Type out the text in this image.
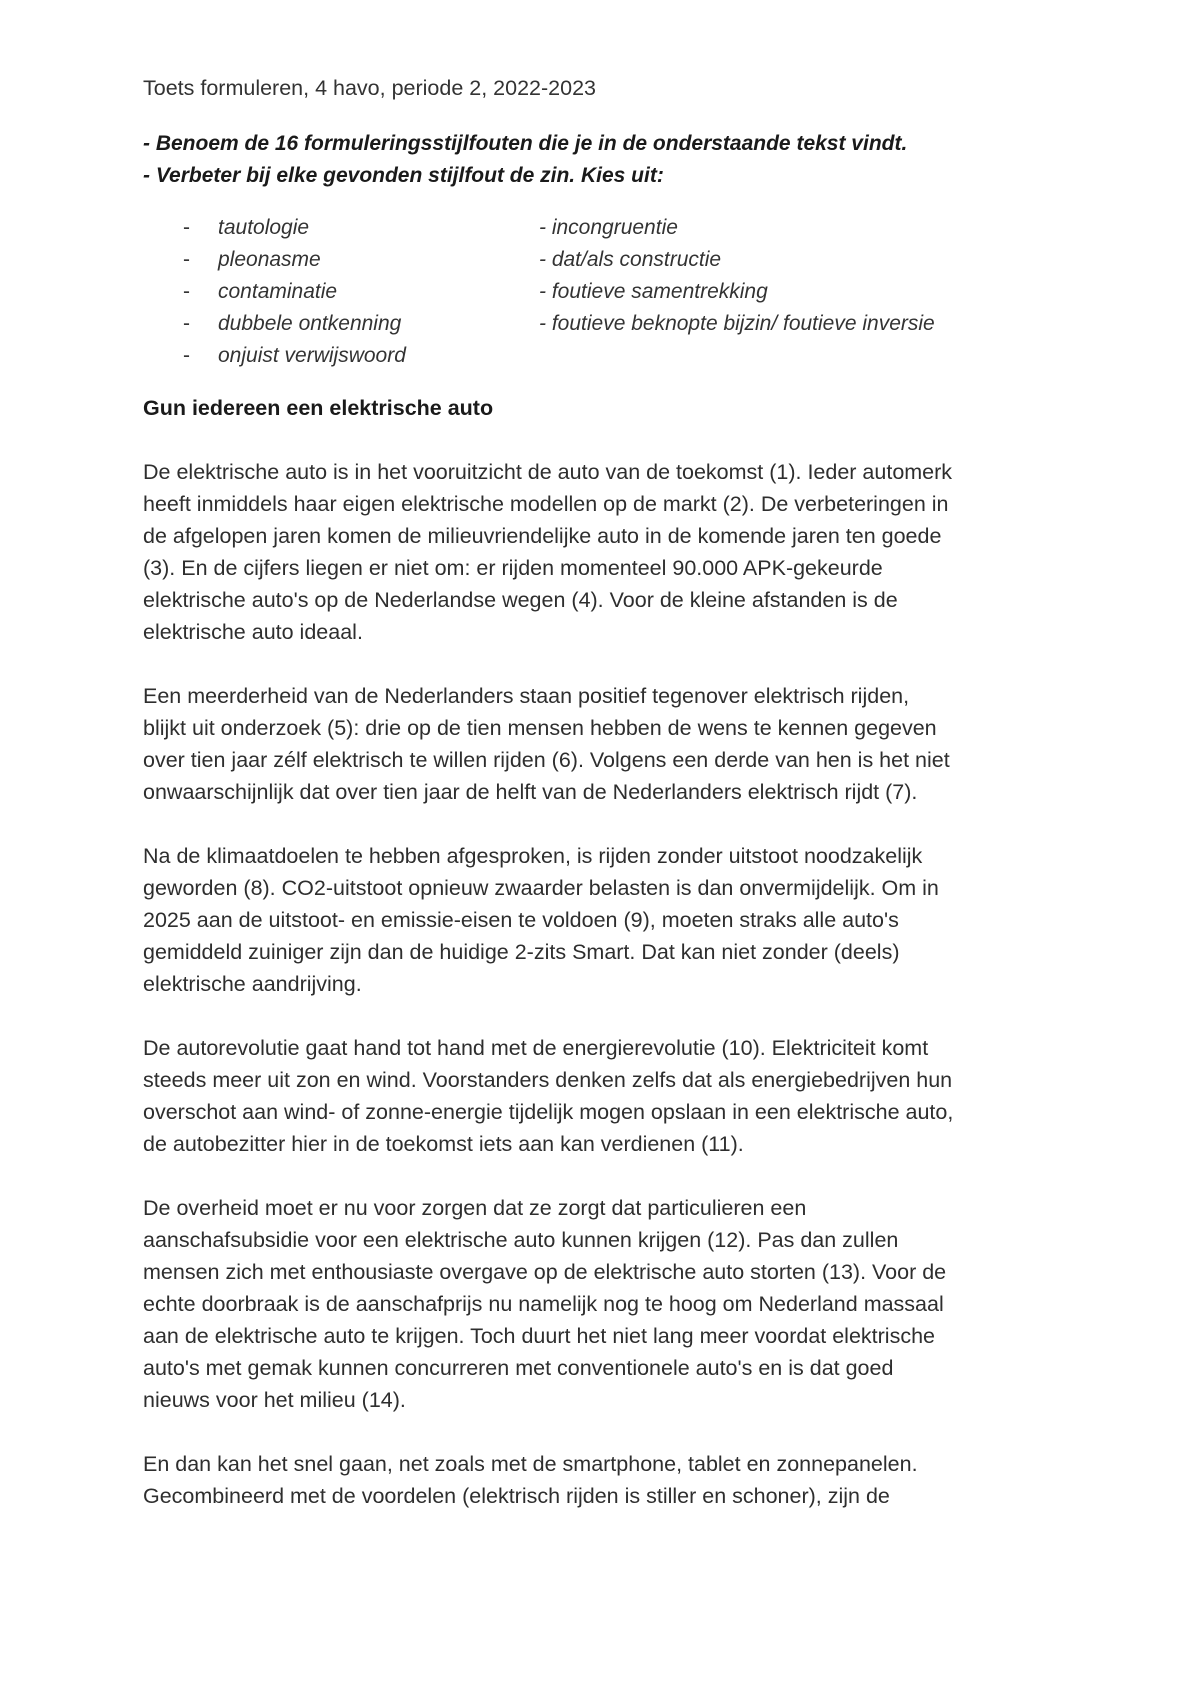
Toets formuleren, 4 havo, periode 2, 2022-2023
- Benoem de 16 formuleringsstijlfouten die je in de onderstaande tekst vindt.
- Verbeter bij elke gevonden stijlfout de zin. Kies uit:
-	tautologie
-	pleonasme
-	contaminatie
-	dubbele ontkenning
-	onjuist verwijswoord
- incongruentie
- dat/als constructie
- foutieve samentrekking
- foutieve beknopte bijzin/ foutieve inversie
Gun iedereen een elektrische auto
De elektrische auto is in het vooruitzicht de auto van de toekomst (1). Ieder automerk
heeft inmiddels haar eigen elektrische modellen op de markt (2). De verbeteringen in
de afgelopen jaren komen de milieuvriendelijke auto in de komende jaren ten goede
(3). En de cijfers liegen er niet om: er rijden momenteel 90.000 APK-gekeurde
elektrische auto's op de Nederlandse wegen (4). Voor de kleine afstanden is de
elektrische auto ideaal.
Een meerderheid van de Nederlanders staan positief tegenover elektrisch rijden,
blijkt uit onderzoek (5): drie op de tien mensen hebben de wens te kennen gegeven
over tien jaar zélf elektrisch te willen rijden (6). Volgens een derde van hen is het niet
onwaarschijnlijk dat over tien jaar de helft van de Nederlanders elektrisch rijdt (7).
Na de klimaatdoelen te hebben afgesproken, is rijden zonder uitstoot noodzakelijk
geworden (8). CO2-uitstoot opnieuw zwaarder belasten is dan onvermijdelijk. Om in
2025 aan de uitstoot- en emissie-eisen te voldoen (9), moeten straks alle auto's
gemiddeld zuiniger zijn dan de huidige 2-zits Smart. Dat kan niet zonder (deels)
elektrische aandrijving.
De autorevolutie gaat hand tot hand met de energierevolutie (10). Elektriciteit komt
steeds meer uit zon en wind. Voorstanders denken zelfs dat als energiebedrijven hun
overschot aan wind- of zonne-energie tijdelijk mogen opslaan in een elektrische auto,
de autobezitter hier in de toekomst iets aan kan verdienen (11).
De overheid moet er nu voor zorgen dat ze zorgt dat particulieren een
aanschafsubsidie voor een elektrische auto kunnen krijgen (12). Pas dan zullen
mensen zich met enthousiaste overgave op de elektrische auto storten (13). Voor de
echte doorbraak is de aanschafprijs nu namelijk nog te hoog om Nederland massaal
aan de elektrische auto te krijgen. Toch duurt het niet lang meer voordat elektrische
auto's met gemak kunnen concurreren met conventionele auto's en is dat goed
nieuws voor het milieu (14).
En dan kan het snel gaan, net zoals met de smartphone, tablet en zonnepanelen.
Gecombineerd met de voordelen (elektrisch rijden is stiller en schoner), zijn de
